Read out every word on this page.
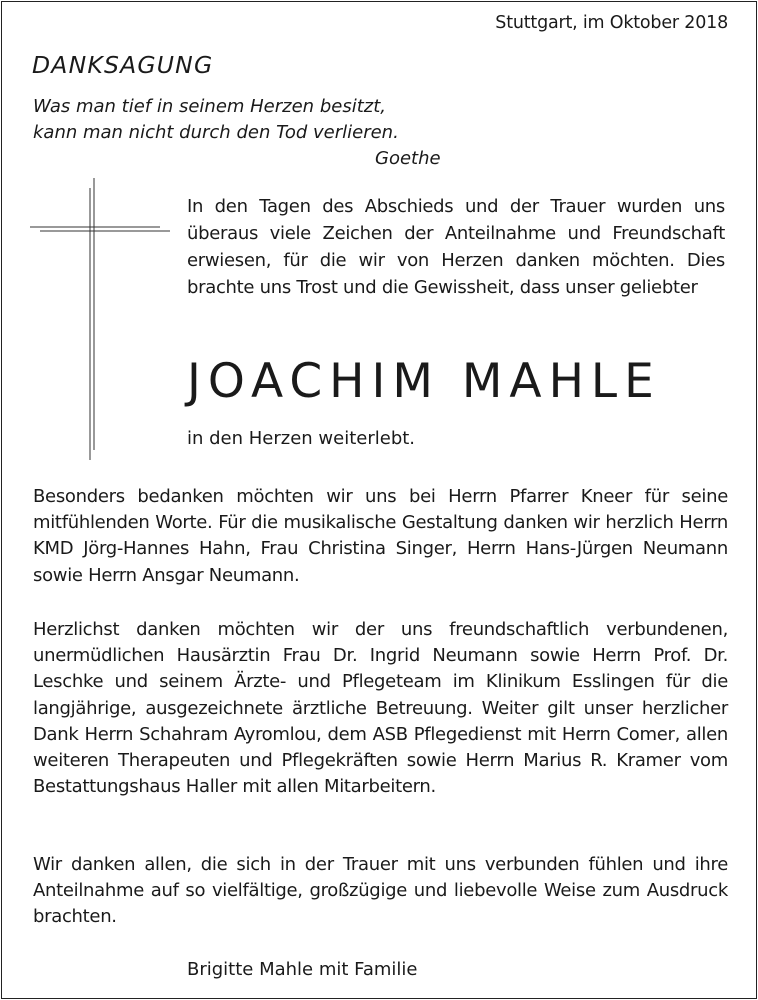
Stuttgart, im Oktober 2018

DANKSAGUNG
Was man tief in seinem Herzen besitzt,
kann man nicht durch den Tod verlieren.
Goethe

In den Tagen des Abschieds und der Trauer wurden uns überaus viele Zeichen der Anteilnahme und Freundschaft erwiesen, für die wir von Herzen danken möchten. Dies brachte uns Trost und die Gewissheit, dass unser geliebter

JOACHIM MAHLE

in den Herzen weiterlebt.

Besonders bedanken möchten wir uns bei Herrn Pfarrer Kneer für seine mitfühlenden Worte. Für die musikalische Gestaltung danken wir herzlich Herrn KMD Jörg-Hannes Hahn, Frau Christina Singer, Herrn Hans-Jürgen Neumann sowie Herrn Ansgar Neumann.

Herzlichst danken möchten wir der uns freundschaftlich verbundenen, unermüdlichen Hausärztin Frau Dr. Ingrid Neumann sowie Herrn Prof. Dr. Leschke und seinem Ärzte- und Pflegeteam im Klinikum Esslingen für die langjährige, ausgezeichnete ärztliche Betreuung. Weiter gilt unser herzlicher Dank Herrn Schahram Ayromlou, dem ASB Pflegedienst mit Herrn Comer, allen weiteren Therapeuten und Pflegekräften sowie Herrn Marius R. Kramer vom Bestattungshaus Haller mit allen Mitarbeitern.

Wir danken allen, die sich in der Trauer mit uns verbunden fühlen und ihre Anteilnahme auf so vielfältige, großzügige und liebevolle Weise zum Ausdruck brachten.

Brigitte Mahle mit Familie
